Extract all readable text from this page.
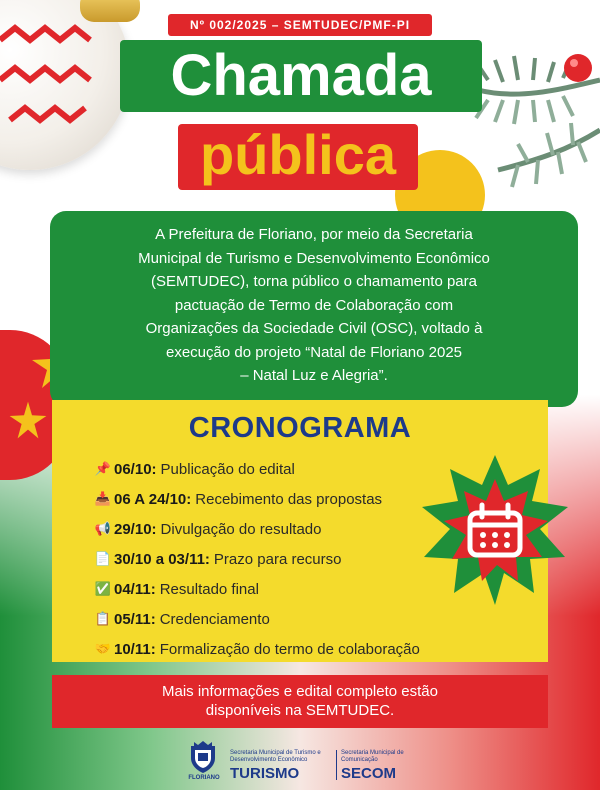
Nº 002/2025 – SEMTUDEC/PMF-PI
Chamada
pública
A Prefeitura de Floriano, por meio da Secretaria
Municipal de Turismo e Desenvolvimento Econômico
(SEMTUDEC), torna público o chamamento para
pactuação de Termo de Colaboração com
Organizações da Sociedade Civil (OSC), voltado à
execução do projeto “Natal de Floriano 2025
– Natal Luz e Alegria”.
CRONOGRAMA
📌 06/10: Publicação do edital
📥 06 A 24/10: Recebimento das propostas
📢 29/10: Divulgação do resultado
📄 30/10 a 03/11: Prazo para recurso
✅ 04/11: Resultado final
📋 05/11: Credenciamento
🤝 10/11: Formalização do termo de colaboração
Mais informações e edital completo estão
disponíveis na SEMTUDEC.
FLORIANO
Secretaria Municipal de Turismo e Desenvolvimento Econômico
TURISMO
Secretaria Municipal de Comunicação
SECOM
